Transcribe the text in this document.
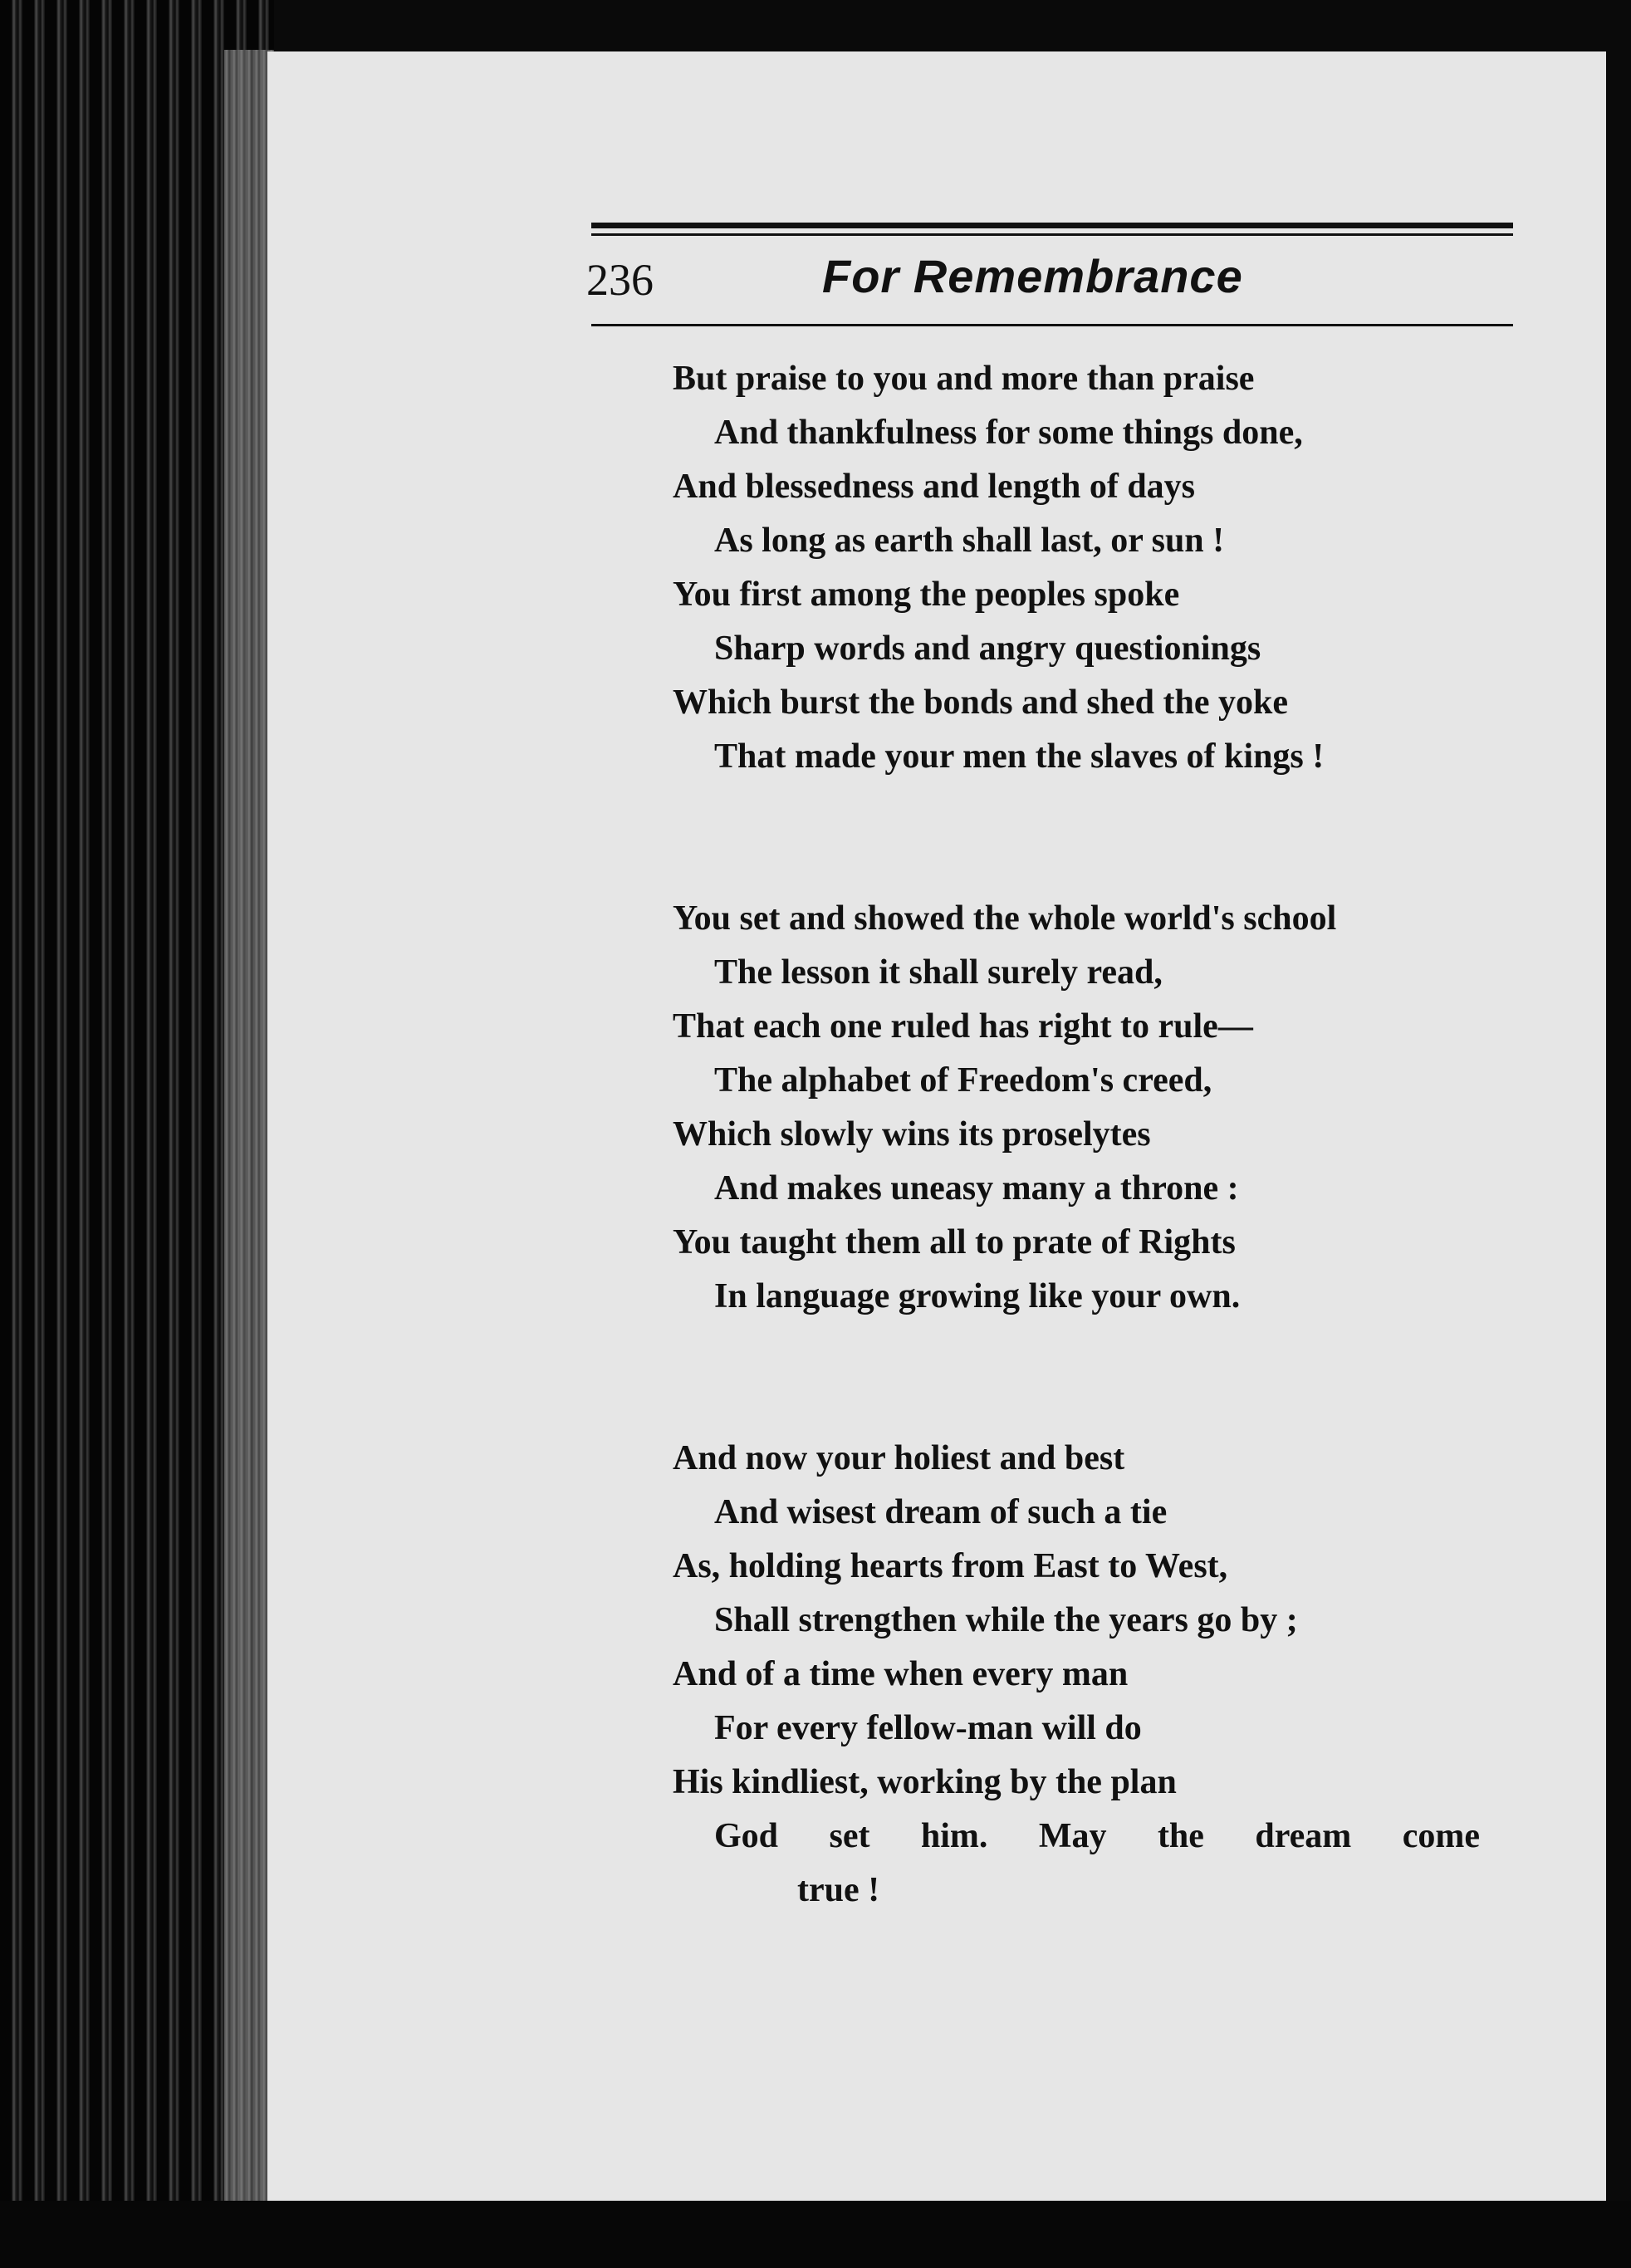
236	For Remembrance
But praise to you and more than praise
And thankfulness for some things done,
And blessedness and length of days
As long as earth shall last, or sun !
You first among the peoples spoke
Sharp words and angry questionings
Which burst the bonds and shed the yoke
That made your men the slaves of kings !
You set and showed the whole world's school
The lesson it shall surely read,
That each one ruled has right to rule—
The alphabet of Freedom's creed,
Which slowly wins its proselytes
And makes uneasy many a throne :
You taught them all to prate of Rights
In language growing like your own.
And now your holiest and best
And wisest dream of such a tie
As, holding hearts from East to West,
Shall strengthen while the years go by ;
And of a time when every man
For every fellow-man will do
His kindliest, working by the plan
God set him. May the dream come
true !
